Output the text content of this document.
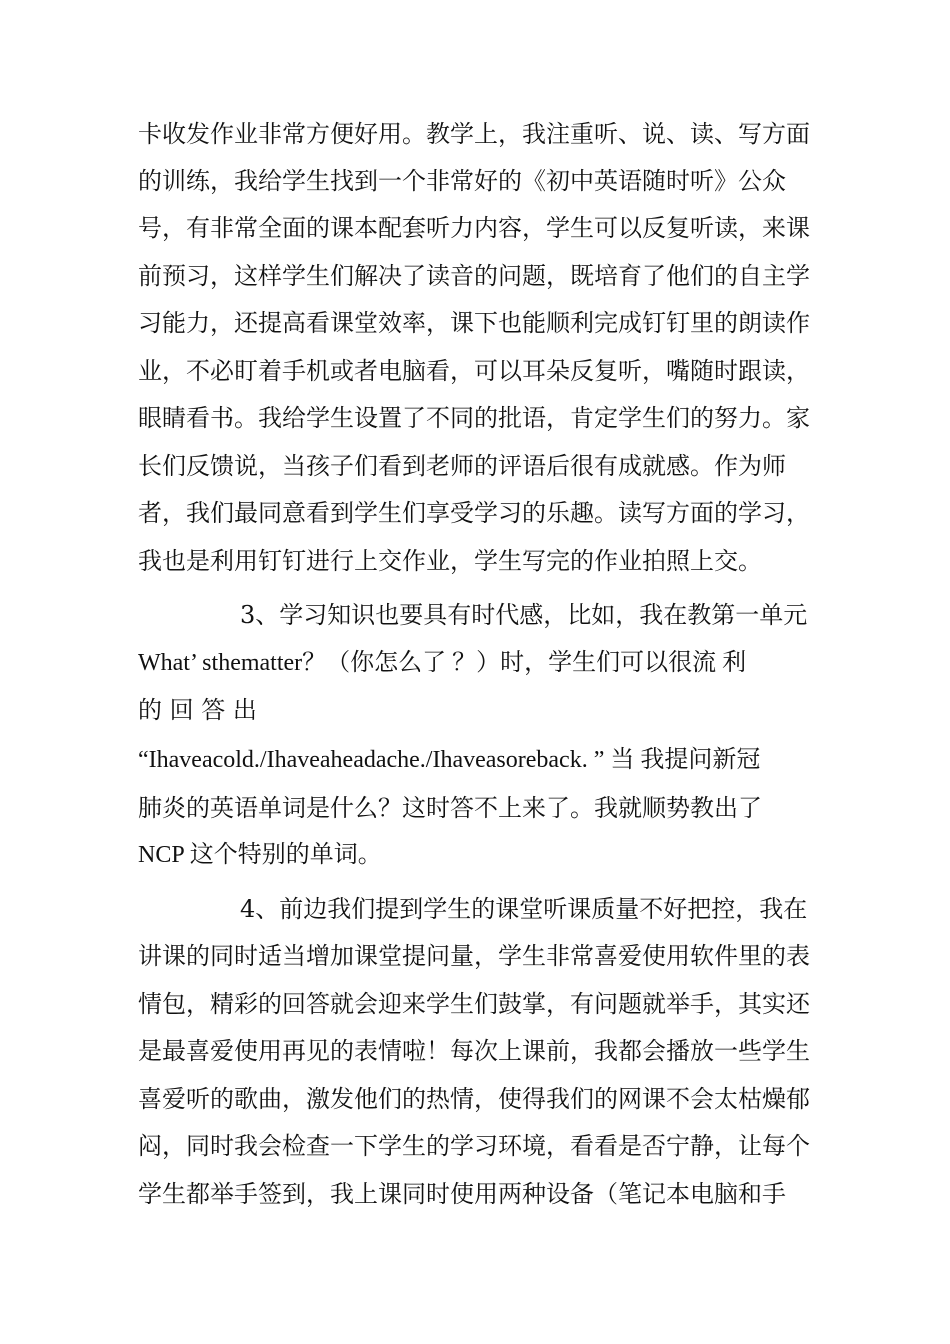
卡收发作业非常方便好用。教学上，我注重听、说、读、写方面
的训练，我给学生找到一个非常好的《初中英语随时听》公众
号，有非常全面的课本配套听力内容，学生可以反复听读，来课
前预习，这样学生们解决了读音的问题，既培育了他们的自主学
习能力，还提高看课堂效率，课下也能顺利完成钉钉里的朗读作
业，不必盯着手机或者电脑看，可以耳朵反复听，嘴随时跟读，
眼睛看书。我给学生设置了不同的批语，肯定学生们的努力。家
长们反馈说，当孩子们看到老师的评语后很有成就感。作为师
者，我们最同意看到学生们享受学习的乐趣。读写方面的学习，
我也是利用钉钉进行上交作业，学生写完的作业拍照上交。
3、学习知识也要具有时代感，比如，我在教第一单元
What’ sthematter？（你怎么了 ？）时，学生们可以很流 利
的 回 答 出
“Ihaveacold./Ihaveaheadache./Ihaveasoreback. ” 当 我提问新冠
肺炎的英语单词是什么？这时答不上来了。我就顺势教出了
NCP 这个特别的单词。
4、前边我们提到学生的课堂听课质量不好把控，我在
讲课的同时适当增加课堂提问量，学生非常喜爱使用软件里的表
情包，精彩的回答就会迎来学生们鼓掌，有问题就举手，其实还
是最喜爱使用再见的表情啦！每次上课前，我都会播放一些学生
喜爱听的歌曲，激发他们的热情，使得我们的网课不会太枯燥郁
闷，同时我会检查一下学生的学习环境，看看是否宁静，让每个
学生都举手签到，我上课同时使用两种设备（笔记本电脑和手
